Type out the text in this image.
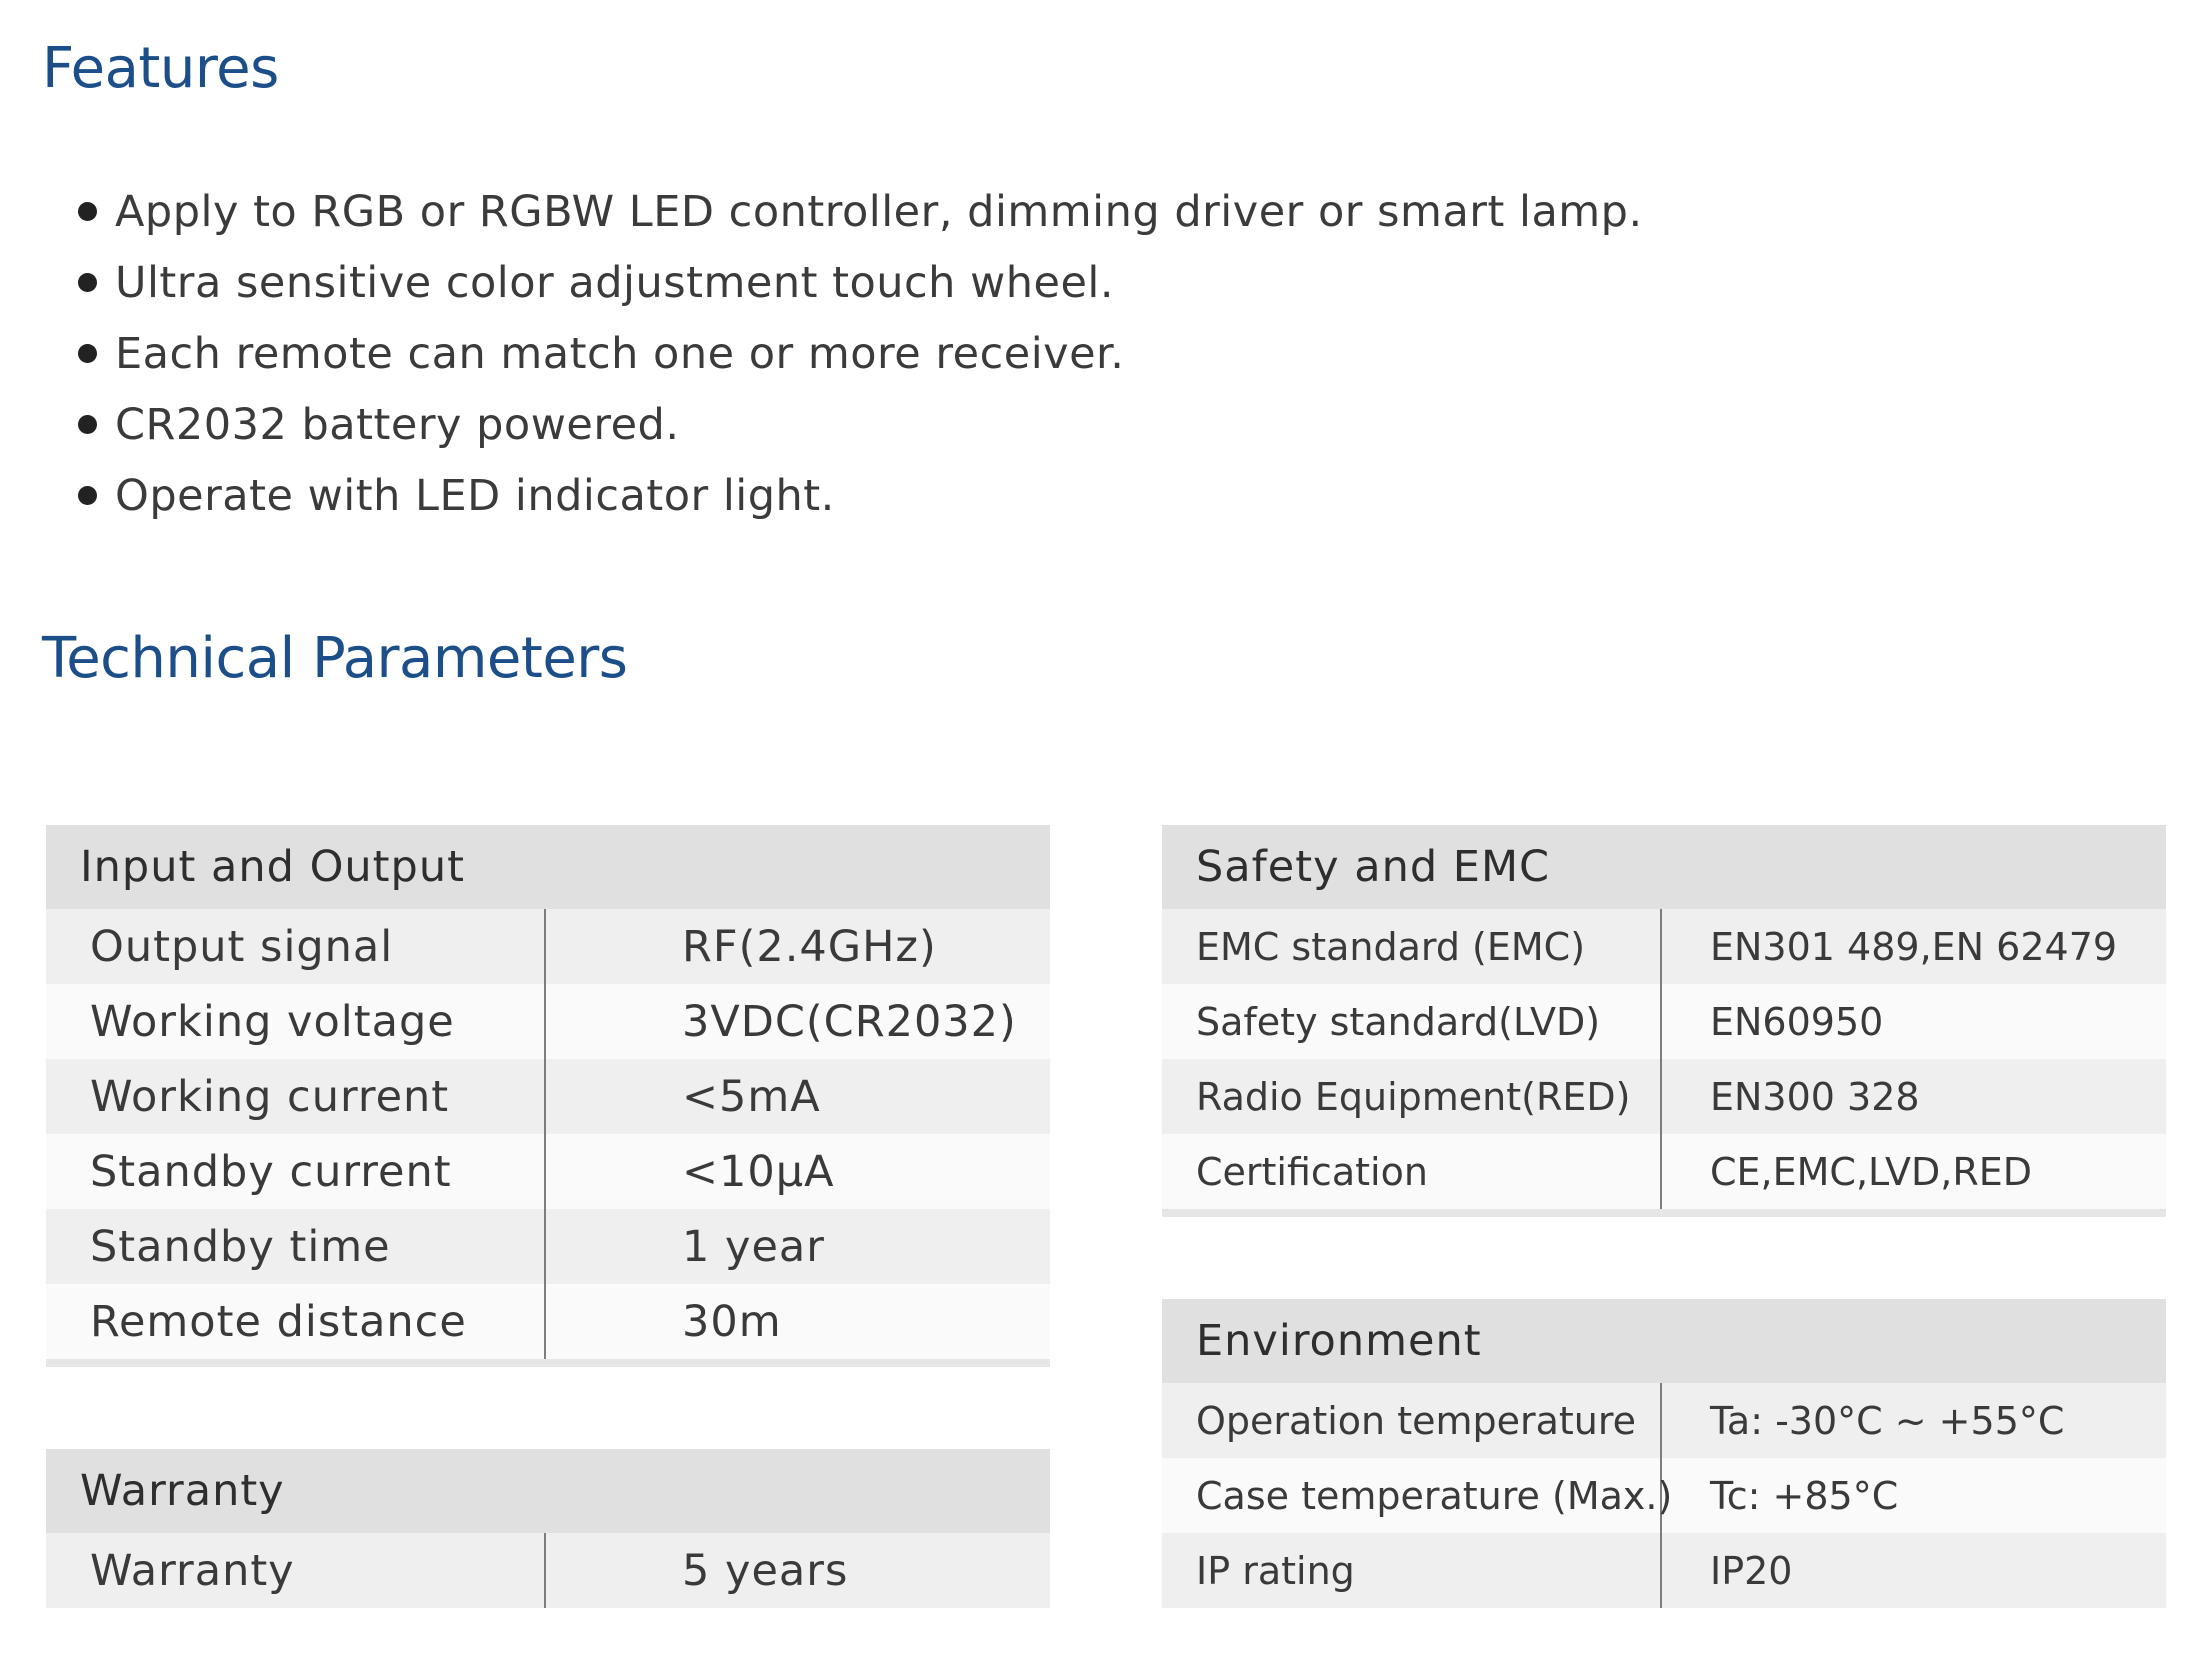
Features
Apply to RGB or RGBW LED controller, dimming driver or smart lamp.
Ultra sensitive color adjustment touch wheel.
Each remote can match one or more receiver.
CR2032 battery powered.
Operate with LED indicator light.
Technical Parameters
Input and Output
Output signal	RF(2.4GHz)
Working voltage	3VDC(CR2032)
Working current	<5mA
Standby current	<10μA
Standby time	1 year
Remote distance	30m
Warranty
Warranty	5 years
Safety and EMC
EMC standard (EMC)	EN301 489,EN 62479
Safety standard(LVD)	EN60950
Radio Equipment(RED)	EN300 328
Certification	CE,EMC,LVD,RED
Environment
Operation temperature	Ta: -30°C ~ +55°C
Case temperature (Max.) Tc: +85°C
IP rating	IP20
